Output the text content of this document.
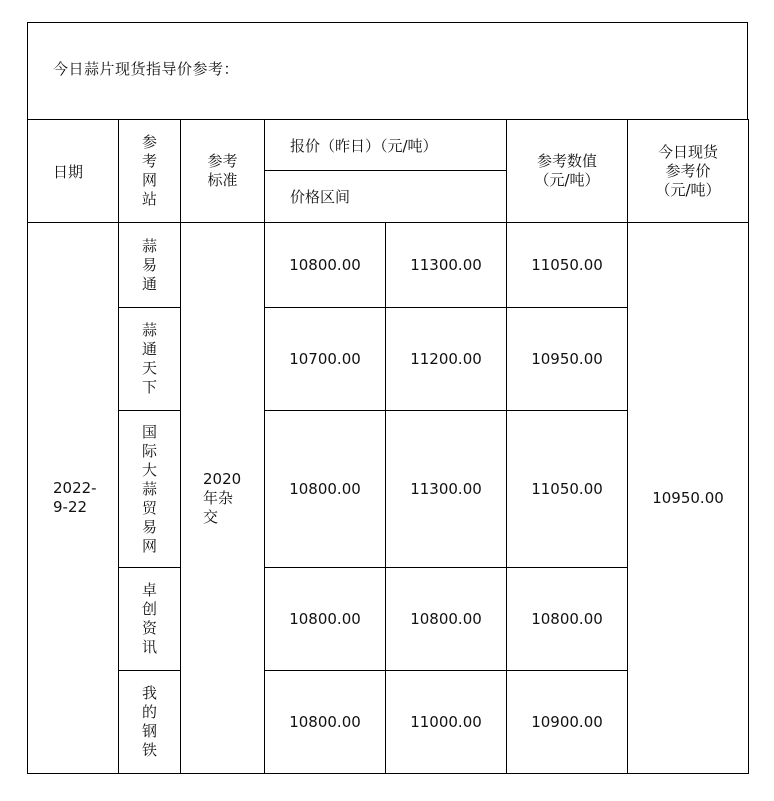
今日蒜片现货指导价参考：
日期	参考网站	参考标准	报价（昨日）（元/吨）		参考数值（元/吨）	今日现货参考价（元/吨）

			价格区间			

2022-9-22	蒜易通	2020年杂交	10800.00	11300.00	11050.00	10950.00

	蒜通天下		10700.00	11200.00	10950.00	

	国际大蒜贸易网		10800.00	11300.00	11050.00	

	卓创资讯		10800.00	10800.00	10800.00	

	我的钢铁		10800.00	11000.00	10900.00	
